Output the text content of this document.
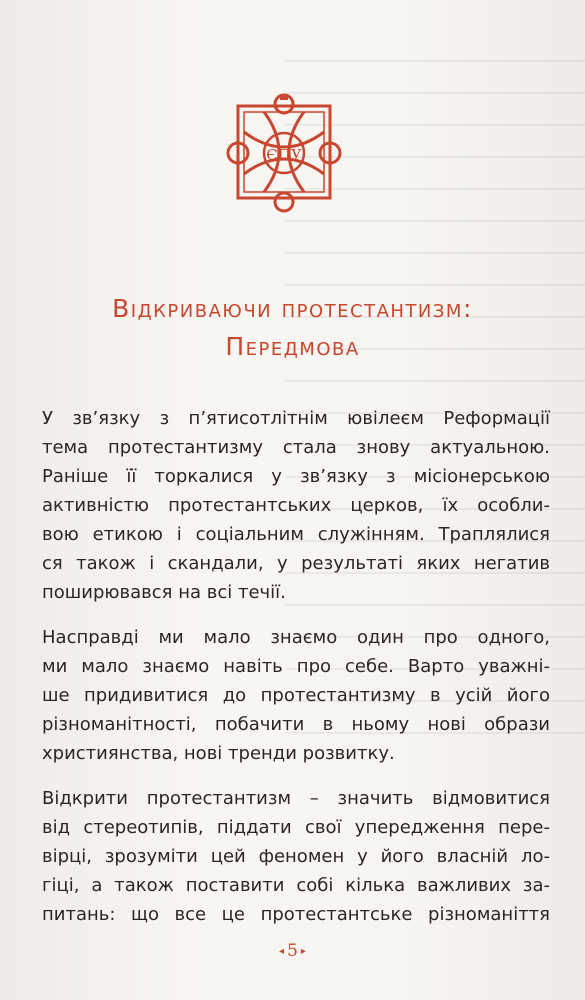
ЄПУ
Відкриваючи протестантизм:
Передмова
У зв’язку з п’ятисотлітнім ювілеєм Реформації
тема протестантизму стала знову актуальною.
Раніше її торкалися у зв’язку з місіонерською
активністю протестантських церков, їх особли-
вою етикою і соціальним служінням. Траплялися
ся також і скандали, у результаті яких негатив
поширювався на всі течії.
Насправді ми мало знаємо один про одного,
ми мало знаємо навіть про себе. Варто уважні-
ше придивитися до протестантизму в усій його
різноманітності, побачити в ньому нові образи
християнства, нові тренди розвитку.
Відкрити протестантизм – значить відмовитися
від стереотипів, піддати свої упередження пере-
вірці, зрозуміти цей феномен у його власній ло-
гіці, а також поставити собі кілька важливих за-
питань: що все це протестантське різноманіття
◂ 5 ▸
